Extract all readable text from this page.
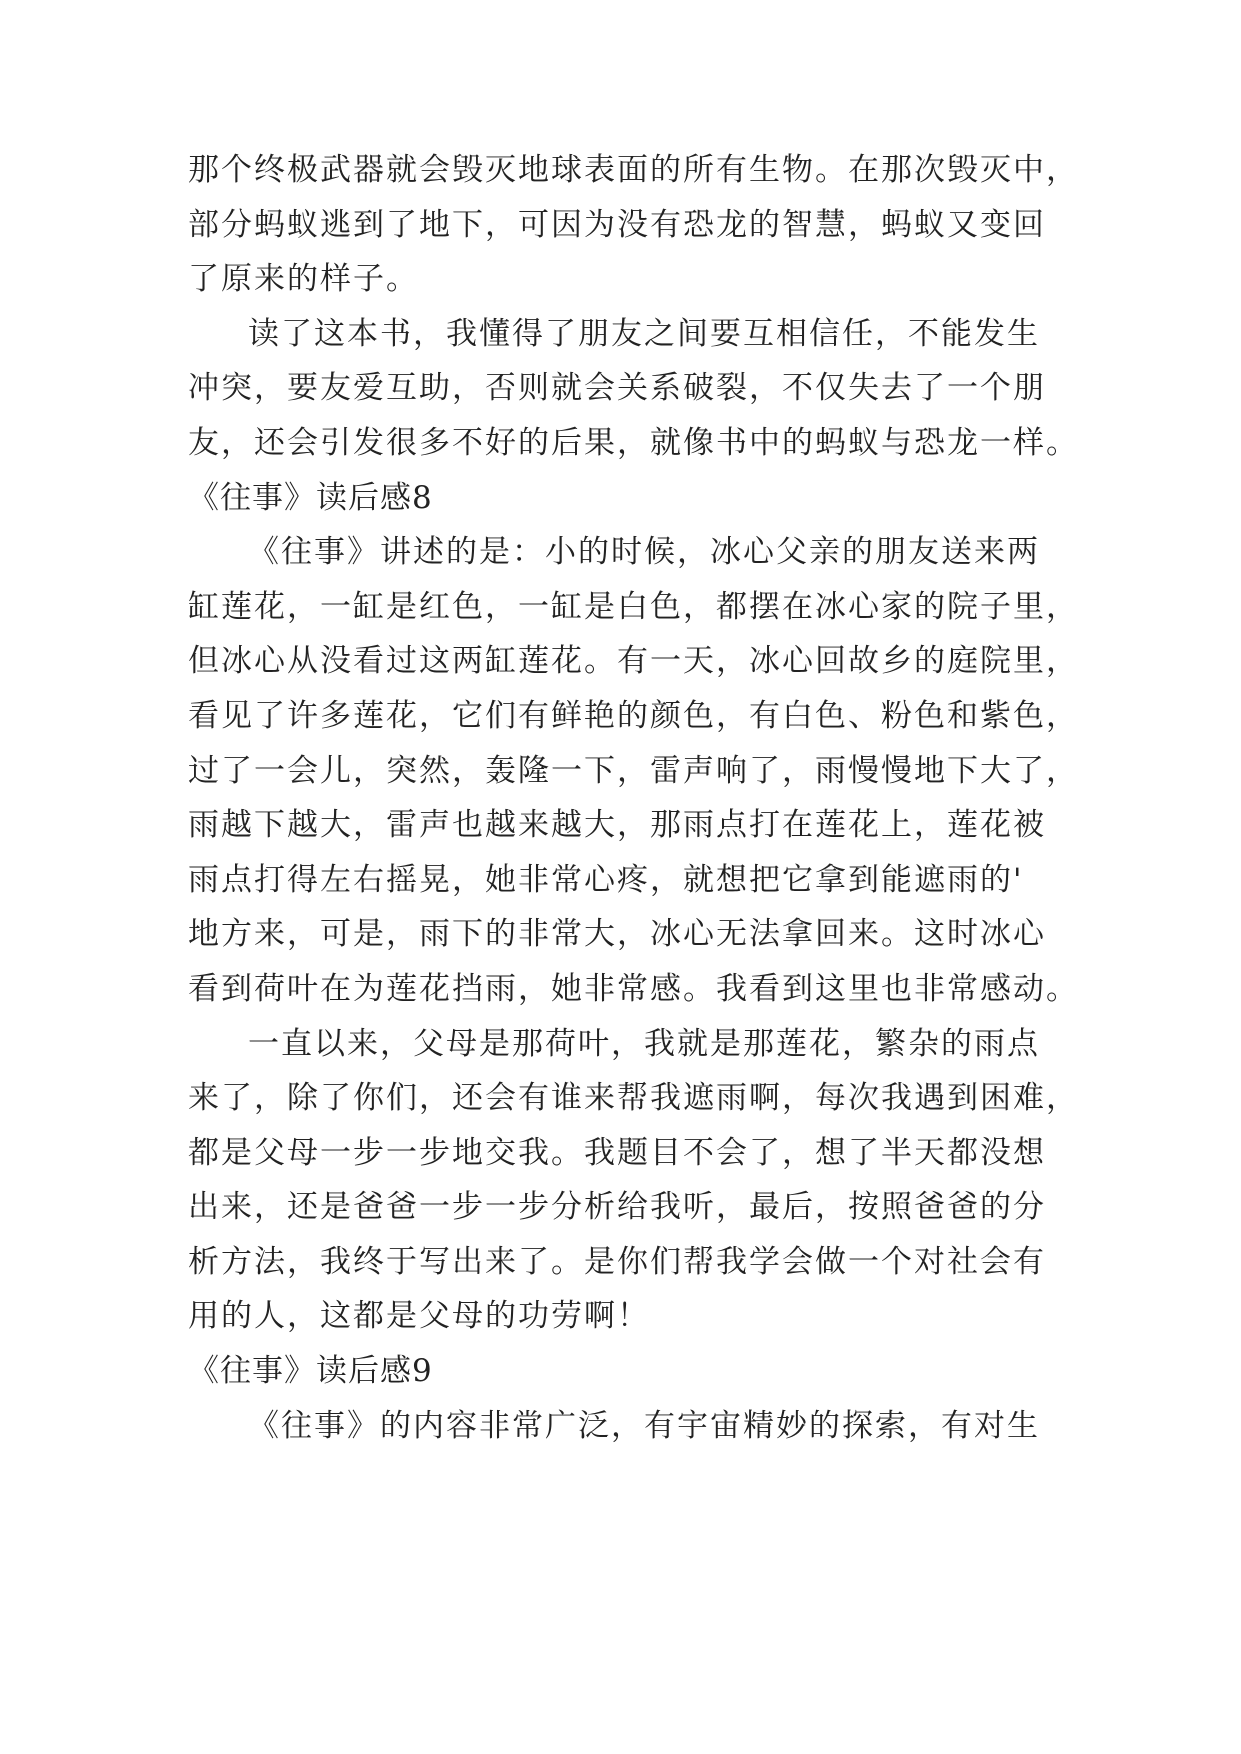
那个终极武器就会毁灭地球表面的所有生物。在那次毁灭中，
部分蚂蚁逃到了地下，可因为没有恐龙的智慧，蚂蚁又变回
了原来的样子。
读了这本书，我懂得了朋友之间要互相信任，不能发生
冲突，要友爱互助，否则就会关系破裂，不仅失去了一个朋
友，还会引发很多不好的后果，就像书中的蚂蚁与恐龙一样。
《往事》读后感8
《往事》讲述的是：小的时候，冰心父亲的朋友送来两
缸莲花，一缸是红色，一缸是白色，都摆在冰心家的院子里，
但冰心从没看过这两缸莲花。有一天，冰心回故乡的庭院里，
看见了许多莲花，它们有鲜艳的颜色，有白色、粉色和紫色，
过了一会儿，突然，轰隆一下，雷声响了，雨慢慢地下大了，
雨越下越大，雷声也越来越大，那雨点打在莲花上，莲花被
雨点打得左右摇晃，她非常心疼，就想把它拿到能遮雨的'
地方来，可是，雨下的非常大，冰心无法拿回来。这时冰心
看到荷叶在为莲花挡雨，她非常感。我看到这里也非常感动。
一直以来，父母是那荷叶，我就是那莲花，繁杂的雨点
来了，除了你们，还会有谁来帮我遮雨啊，每次我遇到困难，
都是父母一步一步地交我。我题目不会了，想了半天都没想
出来，还是爸爸一步一步分析给我听，最后，按照爸爸的分
析方法，我终于写出来了。是你们帮我学会做一个对社会有
用的人，这都是父母的功劳啊！
《往事》读后感9
《往事》的内容非常广泛，有宇宙精妙的探索，有对生
